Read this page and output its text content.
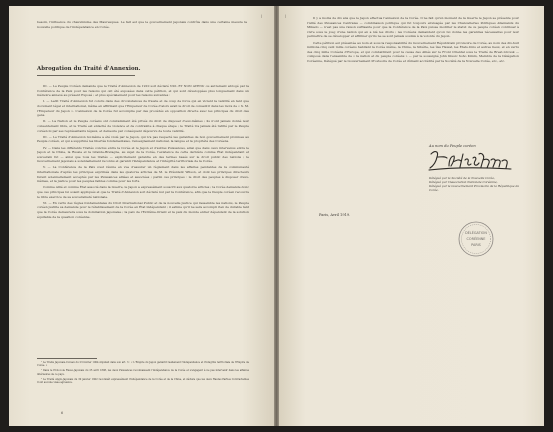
besoin, l'influence du chauvinisme des Mauresques. Le fait est que le gouvernement japonais contrôle dans une certaine mesure la nouvelle politique de l'indépendance en Corée.

Abrogation du Traité d'Annexion.

III. — Le Peuple Coréen demande que le Traité d'Annexion de 1910 soit déclaré NUL ET NON AVENU ou autrement abrogé par la Conférence de la Paix pour les raisons qui ont été exposées dans cette pétition, et qui sont développées plus longuement dans un mémoire annexé au présent Exposé ; et plus spécialement pour les raisons suivantes :

I. — Ledit Traité d'Annexion fut conclu dans des circonstances de fraude et de coup de force qui en vicient la validité en tant que document légal et international, même en affirmant que l'Empereur de Corée d'alors avait le droit de consentir dans les mots de « S. M. l'Empereur du Japon ». L'annexion de la Corée fut accomplie par des procédés en opposition directe avec les principes du droit des gens.

II. — La Nation et le Peuple coréens ont constamment été privés du droit de disposer d'eux-mêmes ; ils n'ont jamais donné leur consentement libre, et le Traité est entaché de violence et de contrainte à chaque étape ; le Traité n'a jamais été ratifié par le Peuple coréen ni par ses représentants légaux, et demeure par conséquent dépourvu de toute validité.

III. — Le Traité d'Annexion lui-même a été violé par le Japon, qui n'a pas respecté les garanties de bon gouvernement promises au Peuple coréen, et qui a supprimé les libertés fondamentales, l'enseignement national, la langue et la propriété des Coréens.

IV. — Dans les différents Traités conclus entre la Corée et le Japon et d'autres Puissances, ainsi que dans ceux intervenus entre le Japon et la Chine, la Russie et la Grande-Bretagne, au sujet de la Corée, l'existence de cette dernière comme État indépendant et souverain fut — ainsi que tous les traités — explicitement garantie en des termes basés sur le droit public des nations ; le Gouvernement japonais a solennellement reconnu et garanti l'indépendance et l'intégrité territoriale de la Corée.

V. — La Conférence de la Paix s'est réunie en vue d'assurer un règlement dans les affaires pendantes de la communauté internationale d'après les principes exprimés dans les quatorze articles de M. le Président Wilson, et dont les principes directeurs furent solennellement acceptés par les Puissances alliées et associées ; parmi ces principes : le droit des peuples à disposer d'eux-mêmes, et la justice pour les peuples faibles comme pour les forts.

Comme Allié et comme État associé dans la Guerre, le Japon a expressément souscrit aux quatorze articles ; la Corée demande donc que ces principes lui soient appliqués et que le Traité d'Annexion soit déclaré nul par la Conférence, afin que le Peuple coréen recouvre le libre exercice de sa souveraineté nationale.

VI. — En vertu des règles fondamentales du Droit International Public et de la nouvelle justice qui rassemble les nations, le Peuple coréen justifie sa demande pour le rétablissement de la Corée en État indépendant ; il estime qu'il ne sera accompli rien de durable tant que la Corée demeurera sous la domination japonaise ; la paix de l'Extrême-Orient et la paix du monde entier dépendent de la solution équitable de la question coréenne.

¹ Le Traité Japonais-Coréen du 23 février 1904 stipulait dans son art. 3 : « L'Empire du Japon garantit réellement l'indépendance et l'intégrité territoriale de l'Empire de Corée. »

² Dans le Protocole Russo-Japonais du 25 avril 1898, les deux Puissances reconnaissent l'indépendance de la Corée et s'engagent à ne pas intervenir dans les affaires intérieures de ce pays.

³ Le Traité Anglo-Japonais du 30 janvier 1902 reconnaît expressément l'indépendance de la Corée et de la Chine, et déclare que les deux Hautes Parties Contractantes n'ont aucune visée agressive.

6
|	Il y a moins de dix ans que le Japon effectua l'annexion de la Corée. Il ne fait qu'un moment de la Guerre le Japon se présente pour l'Allié des Puissances Centrales — combinaison politique qui fut toujours envisagée par les Chancelleries Politiques Allemands du Mikado — n'est pas une raison suffisante pour que la Conférence de la Paix puisse modifier le statut de ce peuple coréen continuer à vivre sous le joug d'une nation qui en a nié les droits ; les Coréens demandent qu'on lui donne les garanties nécessaires pour leur permettre de se développer et affirmer qu'ils ne se sont jamais soumis à la volonté du Japon.

Cette pétition est présentée au nom et sous la responsabilité du Gouvernement Républicain provisoire de Corée, au nom des dix-huit millions-cinq cent mille coréens habitant la Corée même, la Chine, la Sibérie, les îles Hawaï, les États-Unis et autres lieux, et en vertu des cinq mille Coréens d'Europe, et qui combattirent pour la cause des Alliés sur le Front Oriental sous le Traité de Brest-Litovsk — composé dans l'ensemble de « la nation et du peuple coréens » — par le soussigné John Kiusic Soho Kimm, Membre de la Délégation Coréenne, Délégué par le Gouvernement Provisoire de Corée et dûment accrédité par la Société de la Nouvelle Corée, etc., etc.

Au nom du Peuple coréen
J. Kiusic Kimm
Délégué par la Société de la Nouvelle Corée,
Délégué par l'Association Nationale Coréenne,
Délégué par le Gouvernement Provisoire de la République de Corée.
Paris, Avril 1919.
DÉLÉGATION
CORÉENNE
PARIS
|
